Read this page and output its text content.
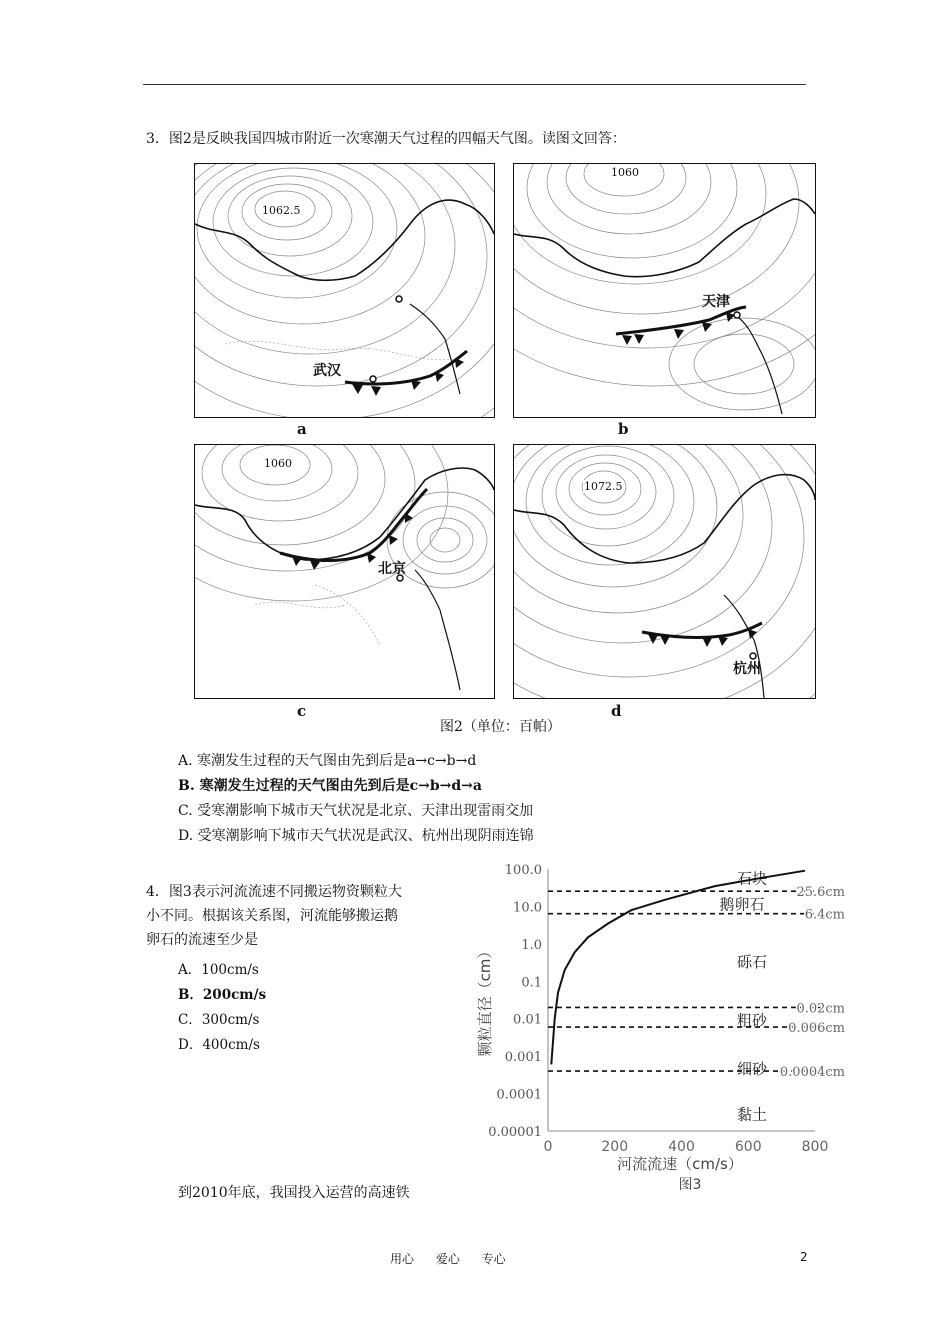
3．图2是反映我国四城市附近一次寒潮天气过程的四幅天气图。读图文回答：
1062.5
武汉
a
1060
天津
b
1060
北京
c
1072.5
杭州
d
图2（单位：百帕）
A. 寒潮发生过程的天气图由先到后是a→c→b→d
B. 寒潮发生过程的天气图由先到后是c→b→d→a
C. 受寒潮影响下城市天气状况是北京、天津出现雷雨交加
D. 受寒潮影响下城市天气状况是武汉、杭州出现阴雨连锦
4．图3表示河流流速不同搬运物资颗粒大
小不同。根据该关系图，河流能够搬运鹅
卵石的流速至少是
A．100cm/s
B．200cm/s
C．300cm/s
D．400cm/s
100.0
10.0
1.0
0.1
0.01
0.001
0.0001
0.00001
0	200	400	600	800
25.6cm
6.4cm
0.02cm
0.006cm
0.0004cm
石块
鹅卵石
砾石
粗砂
细砂
黏土
河流流速（cm/s）
图3
颗粒直径（cm）
到2010年底，我国投入运营的高速铁
用心 爱心 专心	2
